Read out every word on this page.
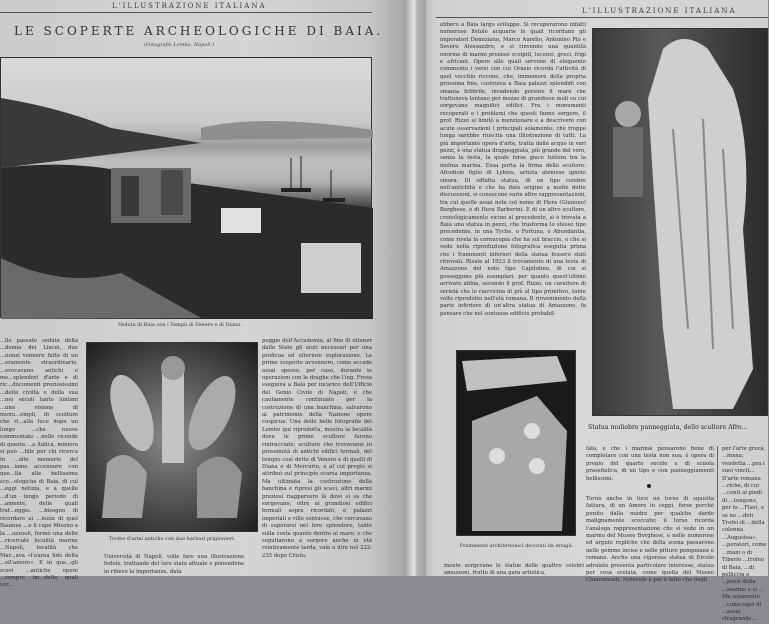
L'ILLUSTRAZIONE ITALIANA
LE SCOPERTE ARCHEOLOGICHE DI BAIA.
(Fotografie Lembo, Napoli.)
Veduta di Baia con i Tempii di Venere e di Diana.
...lle passate sedute della ...demia dei Lincei, due ...nunzi vennero fatte di un ...eramente straordinario, ...evocavano antichi e me...splendori d'arte e di ric...documenti preziosissimi ...della civiltà e della sua ...nei secoli tanto lontani ...una visione di monu...empli, di sculture che ri...alla luce dopo un lungo ...che nuove commentate ...nelle vicende di questa ...a italica, miniera si può ...bile per chi ricerca in ...olte memorie del pas...iamo accennare con que...lla alle bellissime sco...ologiche di Baia, di cui ...eggi notizia, e a quelle ...d'un lungo periodo di ...amente, delle quali trat...oggio. ...bisogno di ricordare ai ...lezza di quel Baianus ...e il capo Miseno e la ...ozzuoli, formò una delle ...ricercate località marine ...Napoli, località che Mar...ava «l'aurea lido della ...ell'amore». E in que...gli scavi ...antiche opere ...sempre im...delle quali vor...
Trofeo d'armi antiche con due barbari prigionieri.
Università di Napoli, volle fare una illustrazione fedele, trattando del loro stato attuale e ponendone in rilievo la importanza, data
poggio dell'Accademia, al fine di ottener dallo Stato gli aiuti necessari per una proficua ed ulteriore esplorazione. Le prime scoperte avvennero, come accade assai spesso, per caso, durante le operazioni con le draghe che l'ing. Fresa eseguiva a Baia per incarico dell'Ufficio del Genio Civile di Napoli, e che cautamente continuate per la costruzione di una banchina, salvarono al patrimonio della Nazione opere cospicue. Una delle belle fotografie del Lembo qui riprodotta, mostra la località dove le prime sculture furono rintracciate; sculture che trovavansi in prossimità di antichi edifici termali, del tempio così detto di Venere e di quelli di Diana e di Mercurio, e al cui pregio si attribuì sul principio scarsa importanza. Ma ultimata la costruzione della banchina e ripresi gli scavi, altri marmi preziosi riapparvero là dove si sa che sorgevano, oltre ai grandiosi edifici termali sopra ricordati, e palazzi imperiali e ville sontuose, che cercavano di superarsi nel loro splendore, tanto sulla costa quanto dentro al mare; e che seguitarono a sorgere anche in età relativamente tarda, vale a dire nel 222-235 dopo Cristo.
L'ILLUSTRAZIONE ITALIANA
ebbero a Baia largo sviluppo. Si recuperarono infatti numerose fistole acquarie le quali ricordano gli imperatori Domiziano, Marco Aurelio, Antonino Pio e Severo Alessandro; e si rinvenne una quantità enorme di marmi preziosi scolpiti, lucensi, greci, frigi e africani. Opere alle quali servono di eloquente commento i versi con cui Orazio ricorda l'attività di quel vecchio riccone, che, immemore della propria prossima fine, costruiva a Baia palazzi splendidi con smania febbrile, invadendo persino il mare che tratteneva lontano per mezzo di grandiose moli su cui sorgevano magnifici edifici. Fra i monumenti recuperati e i problemi che questi fanno sorgere, il prof. Rizzo si limitò a menzionare e a descrivere con acute osservazioni i principali solamente; chè troppo lunga sarebbe riuscita una illustrazione di tutti. La più importante opera d'arte, tratta dalle acque in vari pezzi, è una statua drappeggiata, più grande del vero, senza la testa, la quale forse giace tuttora tra la melma marina. Essa porta la firma dello scultore: Afrodisio figlio di Lybios, artista ateniese ignoto sinora. Di siffatta statua, di un tipo celebre nell'antichità e che ha dato origine a molte dotte discussioni, si conoscono varie altre rappresentazioni, tra cui quelle assai note col nome di Hera (Giunone) Borghese, e di Hera Barberini. E di un altro scultore, cronologicamente vicino al precedente, si è trovata a Baia una statua in pezzi, che trasforma lo stesso tipo precedente, in una Tyche, o Fortuna, o Abundantia, come rivela la cornucopia che ha sul braccio, e che si vede nella riproduzione fotografica eseguita prima che i frammenti inferiori della statua fossero stati ritrovati. Risale al 1923 il trovamento di una testa di Amazzone del noto tipo Capitolino, di cui si posseggono più esemplari, per quanto quest'ultimo arrivato abbia, secondo il prof. Rizzo, un carattere di serietà che lo riavvicina di più al tipo primitivo, tante volte riprodotto nell'età romana. Il rinvenimento della parte inferiore di un'altra statua di Amazzone, fa pensare che nel sontuoso edificio probabil-
Statua muliebre panneggiata, dello scultore Afro...
Frammenti architettonici decorati da intagli.
mente sorgevano le statue delle quattro celebri amazzoni, frutto di una gara artistica,
fala, e che i marinai pensarono bene di completare con una testa non sua; è opera di pregio del quarto secolo e di scuola prassitelica, di un tipo e con panneggiamenti bellissimi.
Tornò anche in luce un torso di squisita fattura, di un Amore in ceppi, forse perchè punito dalla madre per qualche dardo malignamente scoccato; il torso ricorda l'analoga rappresentazione che si vede in un marmo del Museo Borghese, e nelle numerose ed argute repliche che della scena passarono nelle gemme incise e nelle pitture pompeiane e romane. Anche una vigorosa statua di Ercole adraiato presenta particolare interesse, statua per cosa scolata, come quella del Museo Chiaramonti. Notevole è poi il fatto che dagli
per l'arte greca, ...mana; vendetta ...pra i suoi vincit... D'arte romana ...riche, di cui ...centi ai piedi di ...tengono, per lo ...Flavi, e se ne ...doti Trofei di ...della colonna ...Augustea», ...peratori, come ...mani o di Tiberio ...trofeo di Baia, ...di pelliccia e ...pezzi della ...marino e si ... Ma solamente ...cuna capo di ...assai stragrande...
